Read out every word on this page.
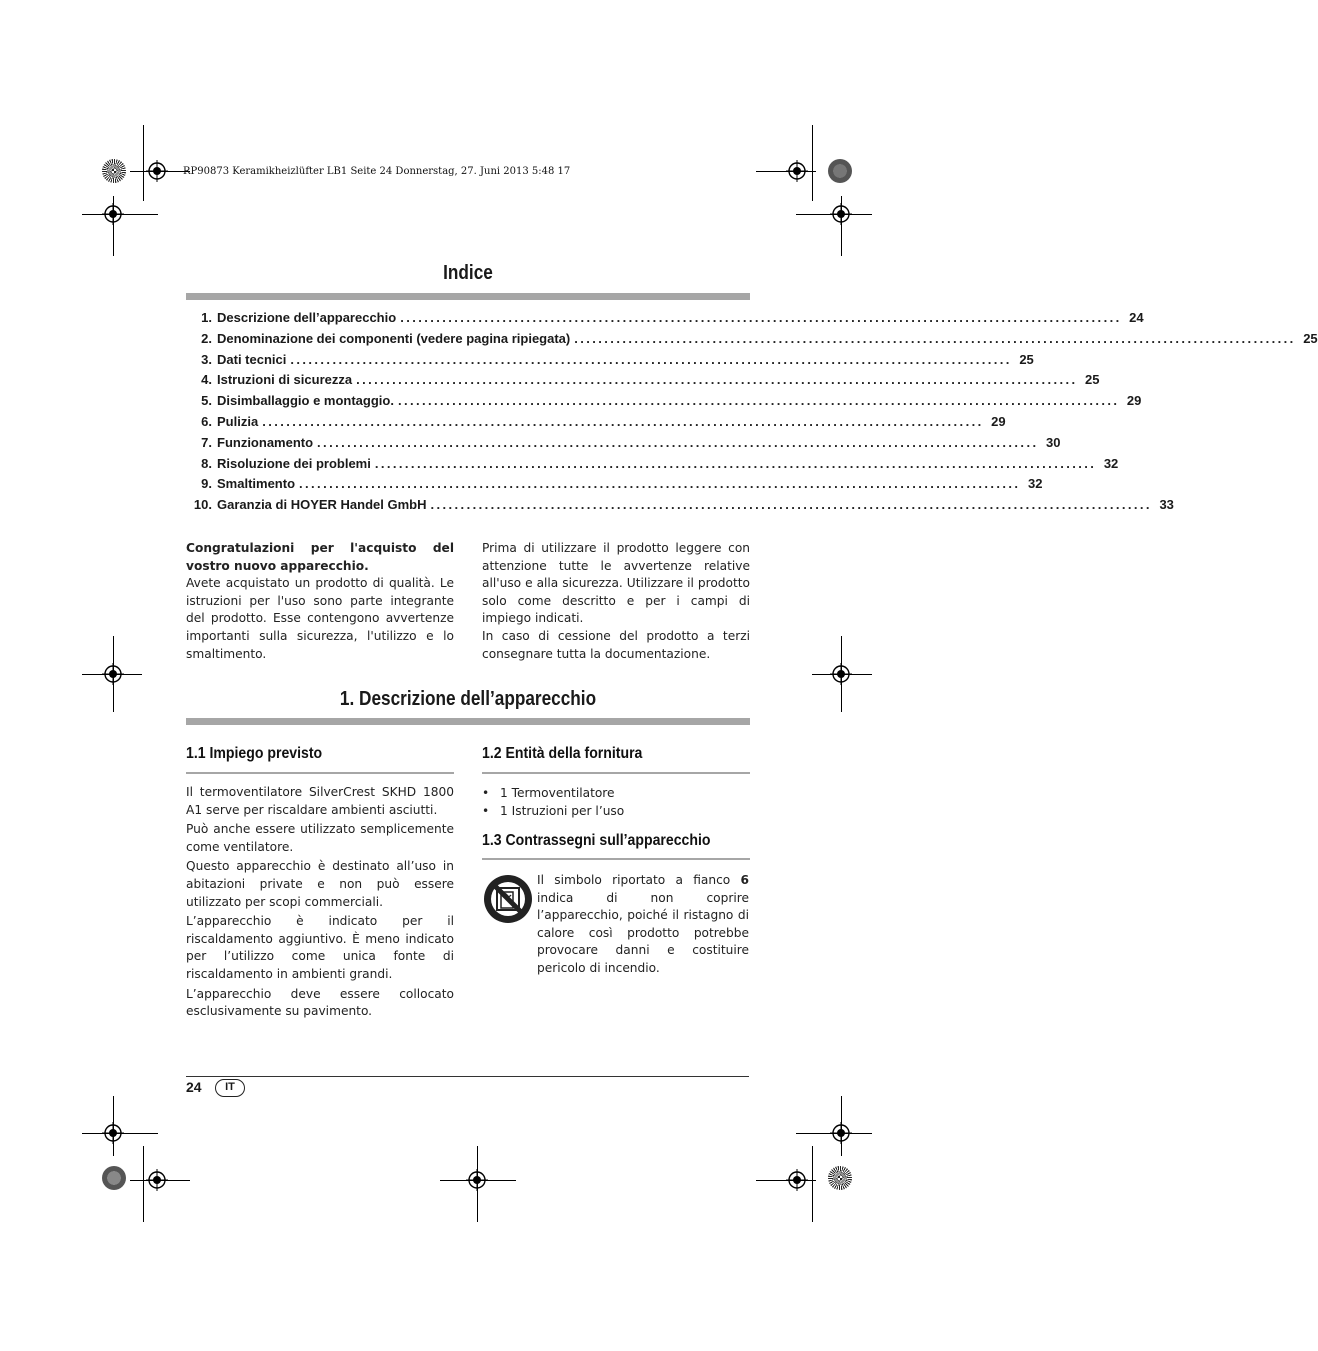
RP90873 Keramikheizlüfter LB1 Seite 24 Donnerstag, 27. Juni 2013 5:48 17
Indice
1. Descrizione dell’apparecchio ........................................................................................................................ 24
2. Denominazione dei componenti (vedere pagina ripiegata) ........................................................................................................................ 25
3. Dati tecnici ........................................................................................................................ 25
4. Istruzioni di sicurezza ........................................................................................................................ 25
5. Disimballaggio e montaggio. ........................................................................................................................ 29
6. Pulizia ........................................................................................................................ 29
7. Funzionamento ........................................................................................................................ 30
8. Risoluzione dei problemi ........................................................................................................................ 32
9. Smaltimento ........................................................................................................................ 32
10. Garanzia di HOYER Handel GmbH ........................................................................................................................ 33

Congratulazioni per l'acquisto del vostro nuovo apparecchio.

Avete acquistato un prodotto di qualità. Le istruzioni per l'uso sono parte integrante del prodotto. Esse contengono avvertenze importanti sulla sicurezza, l'utilizzo e lo smaltimento.

Prima di utilizzare il prodotto leggere con attenzione tutte le avvertenze relative all'uso e alla sicurezza. Utilizzare il prodotto solo come descritto e per i campi di impiego indicati.

In caso di cessione del prodotto a terzi consegnare tutta la documentazione.

1. Descrizione dell’apparecchio
1.1 Impiego previsto

Il termoventilatore SilverCrest SKHD 1800 A1 serve per riscaldare ambienti asciutti.

Può anche essere utilizzato semplicemente come ventilatore.

Questo apparecchio è destinato all’uso in abitazioni private e non può essere utilizzato per scopi commerciali.

L’apparecchio è indicato per il riscaldamento aggiuntivo. È meno indicato per l’utilizzo come unica fonte di riscaldamento in ambienti grandi.

L’apparecchio deve essere collocato esclusivamente su pavimento.

1.2 Entità della fornitura
• 1 Termoventilatore
• 1 Istruzioni per l’uso
1.3 Contrassegni sull’apparecchio

Il simbolo riportato a fianco 6 indica di non coprire l’apparecchio, poiché il ristagno di calore così prodotto potrebbe provocare danni e costituire pericolo di incendio.

24	IT
